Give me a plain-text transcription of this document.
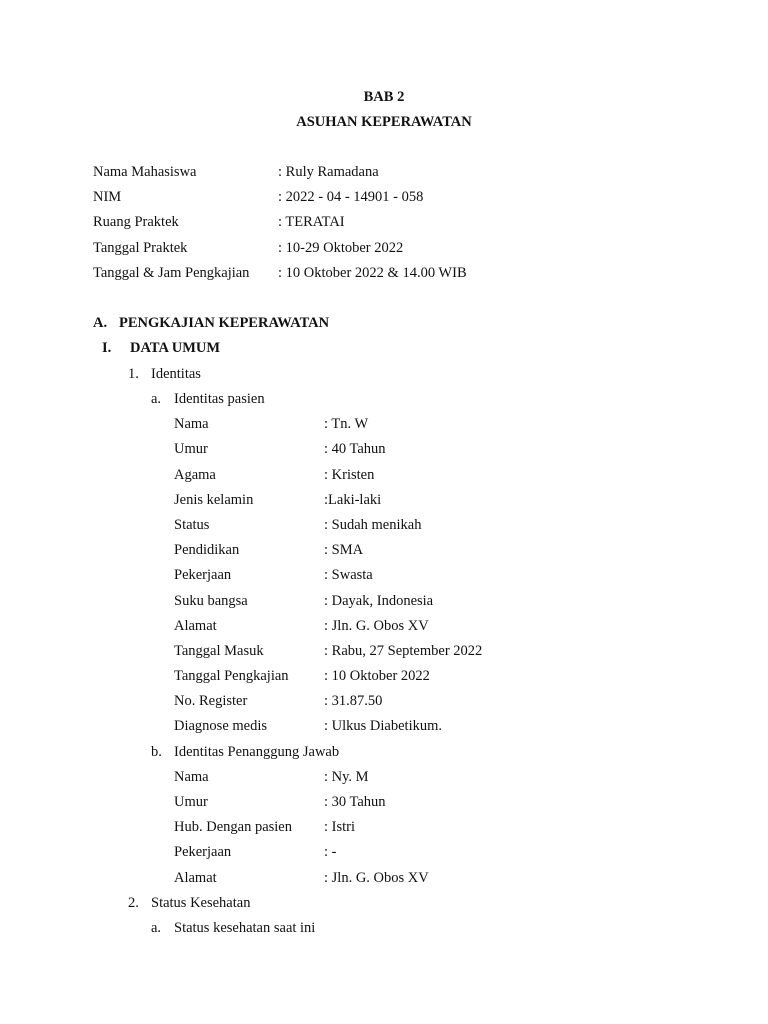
BAB 2
ASUHAN KEPERAWATAN
Nama Mahasiswa	: Ruly Ramadana
NIM	: 2022 - 04 - 14901 - 058
Ruang Praktek	: TERATAI
Tanggal Praktek	: 10-29 Oktober 2022
Tanggal & Jam Pengkajian : 10 Oktober 2022 & 14.00 WIB
A. PENGKAJIAN KEPERAWATAN
I. DATA UMUM
1. Identitas
a. Identitas pasien
Nama	: Tn. W
Umur	: 40 Tahun
Agama	: Kristen
Jenis kelamin	:Laki-laki
Status	: Sudah menikah
Pendidikan	: SMA
Pekerjaan	: Swasta
Suku bangsa	: Dayak, Indonesia
Alamat	: Jln. G. Obos XV
Tanggal Masuk	: Rabu, 27 September 2022
Tanggal Pengkajian : 10 Oktober 2022
No. Register	: 31.87.50
Diagnose medis	: Ulkus Diabetikum.
b. Identitas Penanggung Jawab
Nama	: Ny. M
Umur	: 30 Tahun
Hub. Dengan pasien : Istri
Pekerjaan	: -
Alamat	: Jln. G. Obos XV
2. Status Kesehatan
a. Status kesehatan saat ini
